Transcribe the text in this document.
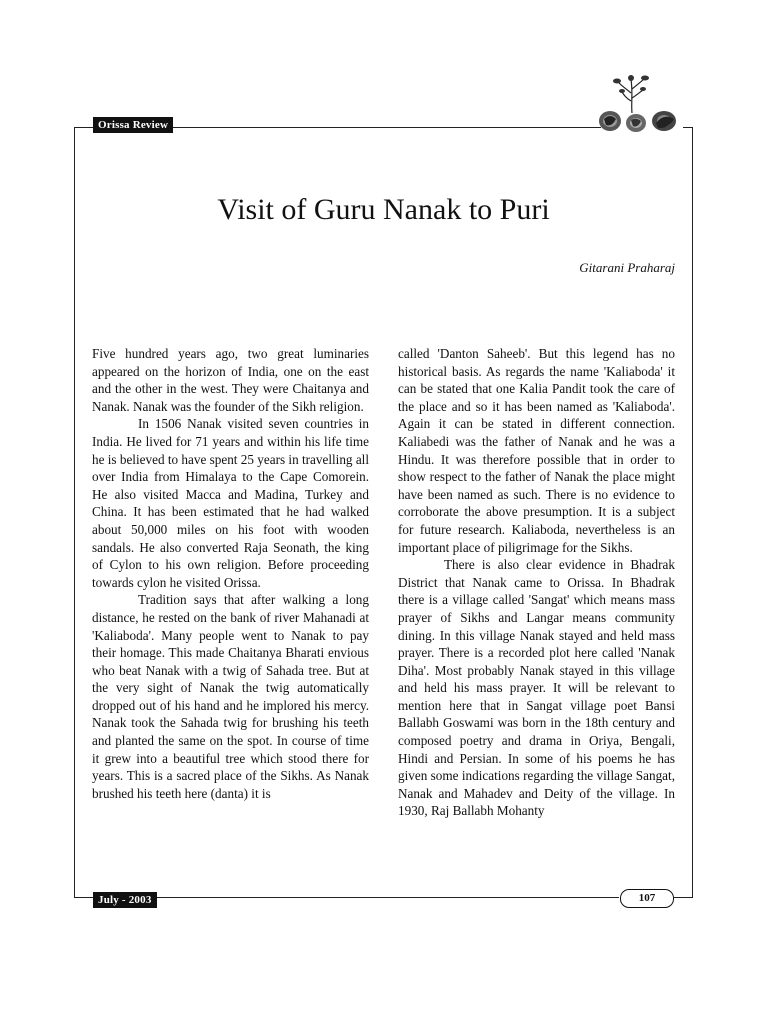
Orissa Review
Visit of Guru Nanak to Puri

Gitarani Praharaj

Five hundred years ago, two great luminaries appeared on the horizon of India, one on the east and the other in the west. They were Chaitanya and Nanak. Nanak was the founder of the Sikh religion.

In 1506 Nanak visited seven countries in India. He lived for 71 years and within his life time he is believed to have spent 25 years in travelling all over India from Himalaya to the Cape Comorein. He also visited Macca and Madina, Turkey and China. It has been estimated that he had walked about 50,000 miles on his foot with wooden sandals. He also converted Raja Seonath, the king of Cylon to his own religion. Before proceeding towards cylon he visited Orissa.

Tradition says that after walking a long distance, he rested on the bank of river Mahanadi at 'Kaliaboda'. Many people went to Nanak to pay their homage. This made Chaitanya Bharati envious who beat Nanak with a twig of Sahada tree. But at the very sight of Nanak the twig automatically dropped out of his hand and he implored his mercy. Nanak took the Sahada twig for brushing his teeth and planted the same on the spot. In course of time it grew into a beautiful tree which stood there for years. This is a sacred place of the Sikhs. As Nanak brushed his teeth here (danta) it is

called 'Danton Saheeb'. But this legend has no historical basis. As regards the name 'Kaliaboda' it can be stated that one Kalia Pandit took the care of the place and so it has been named as 'Kaliaboda'. Again it can be stated in different connection. Kaliabedi was the father of Nanak and he was a Hindu. It was therefore possible that in order to show respect to the father of Nanak the place might have been named as such. There is no evidence to corroborate the above presumption. It is a subject for future research. Kaliaboda, nevertheless is an important place of piligrimage for the Sikhs.

There is also clear evidence in Bhadrak District that Nanak came to Orissa. In Bhadrak there is a village called 'Sangat' which means mass prayer of Sikhs and Langar means community dining. In this village Nanak stayed and held mass prayer. There is a recorded plot here called 'Nanak Diha'. Most probably Nanak stayed in this village and held his mass prayer. It will be relevant to mention here that in Sangat village poet Bansi Ballabh Goswami was born in the 18th century and composed poetry and drama in Oriya, Bengali, Hindi and Persian. In some of his poems he has given some indications regarding the village Sangat, Nanak and Mahadev and Deity of the village. In 1930, Raj Ballabh Mohanty

July - 2003	107
